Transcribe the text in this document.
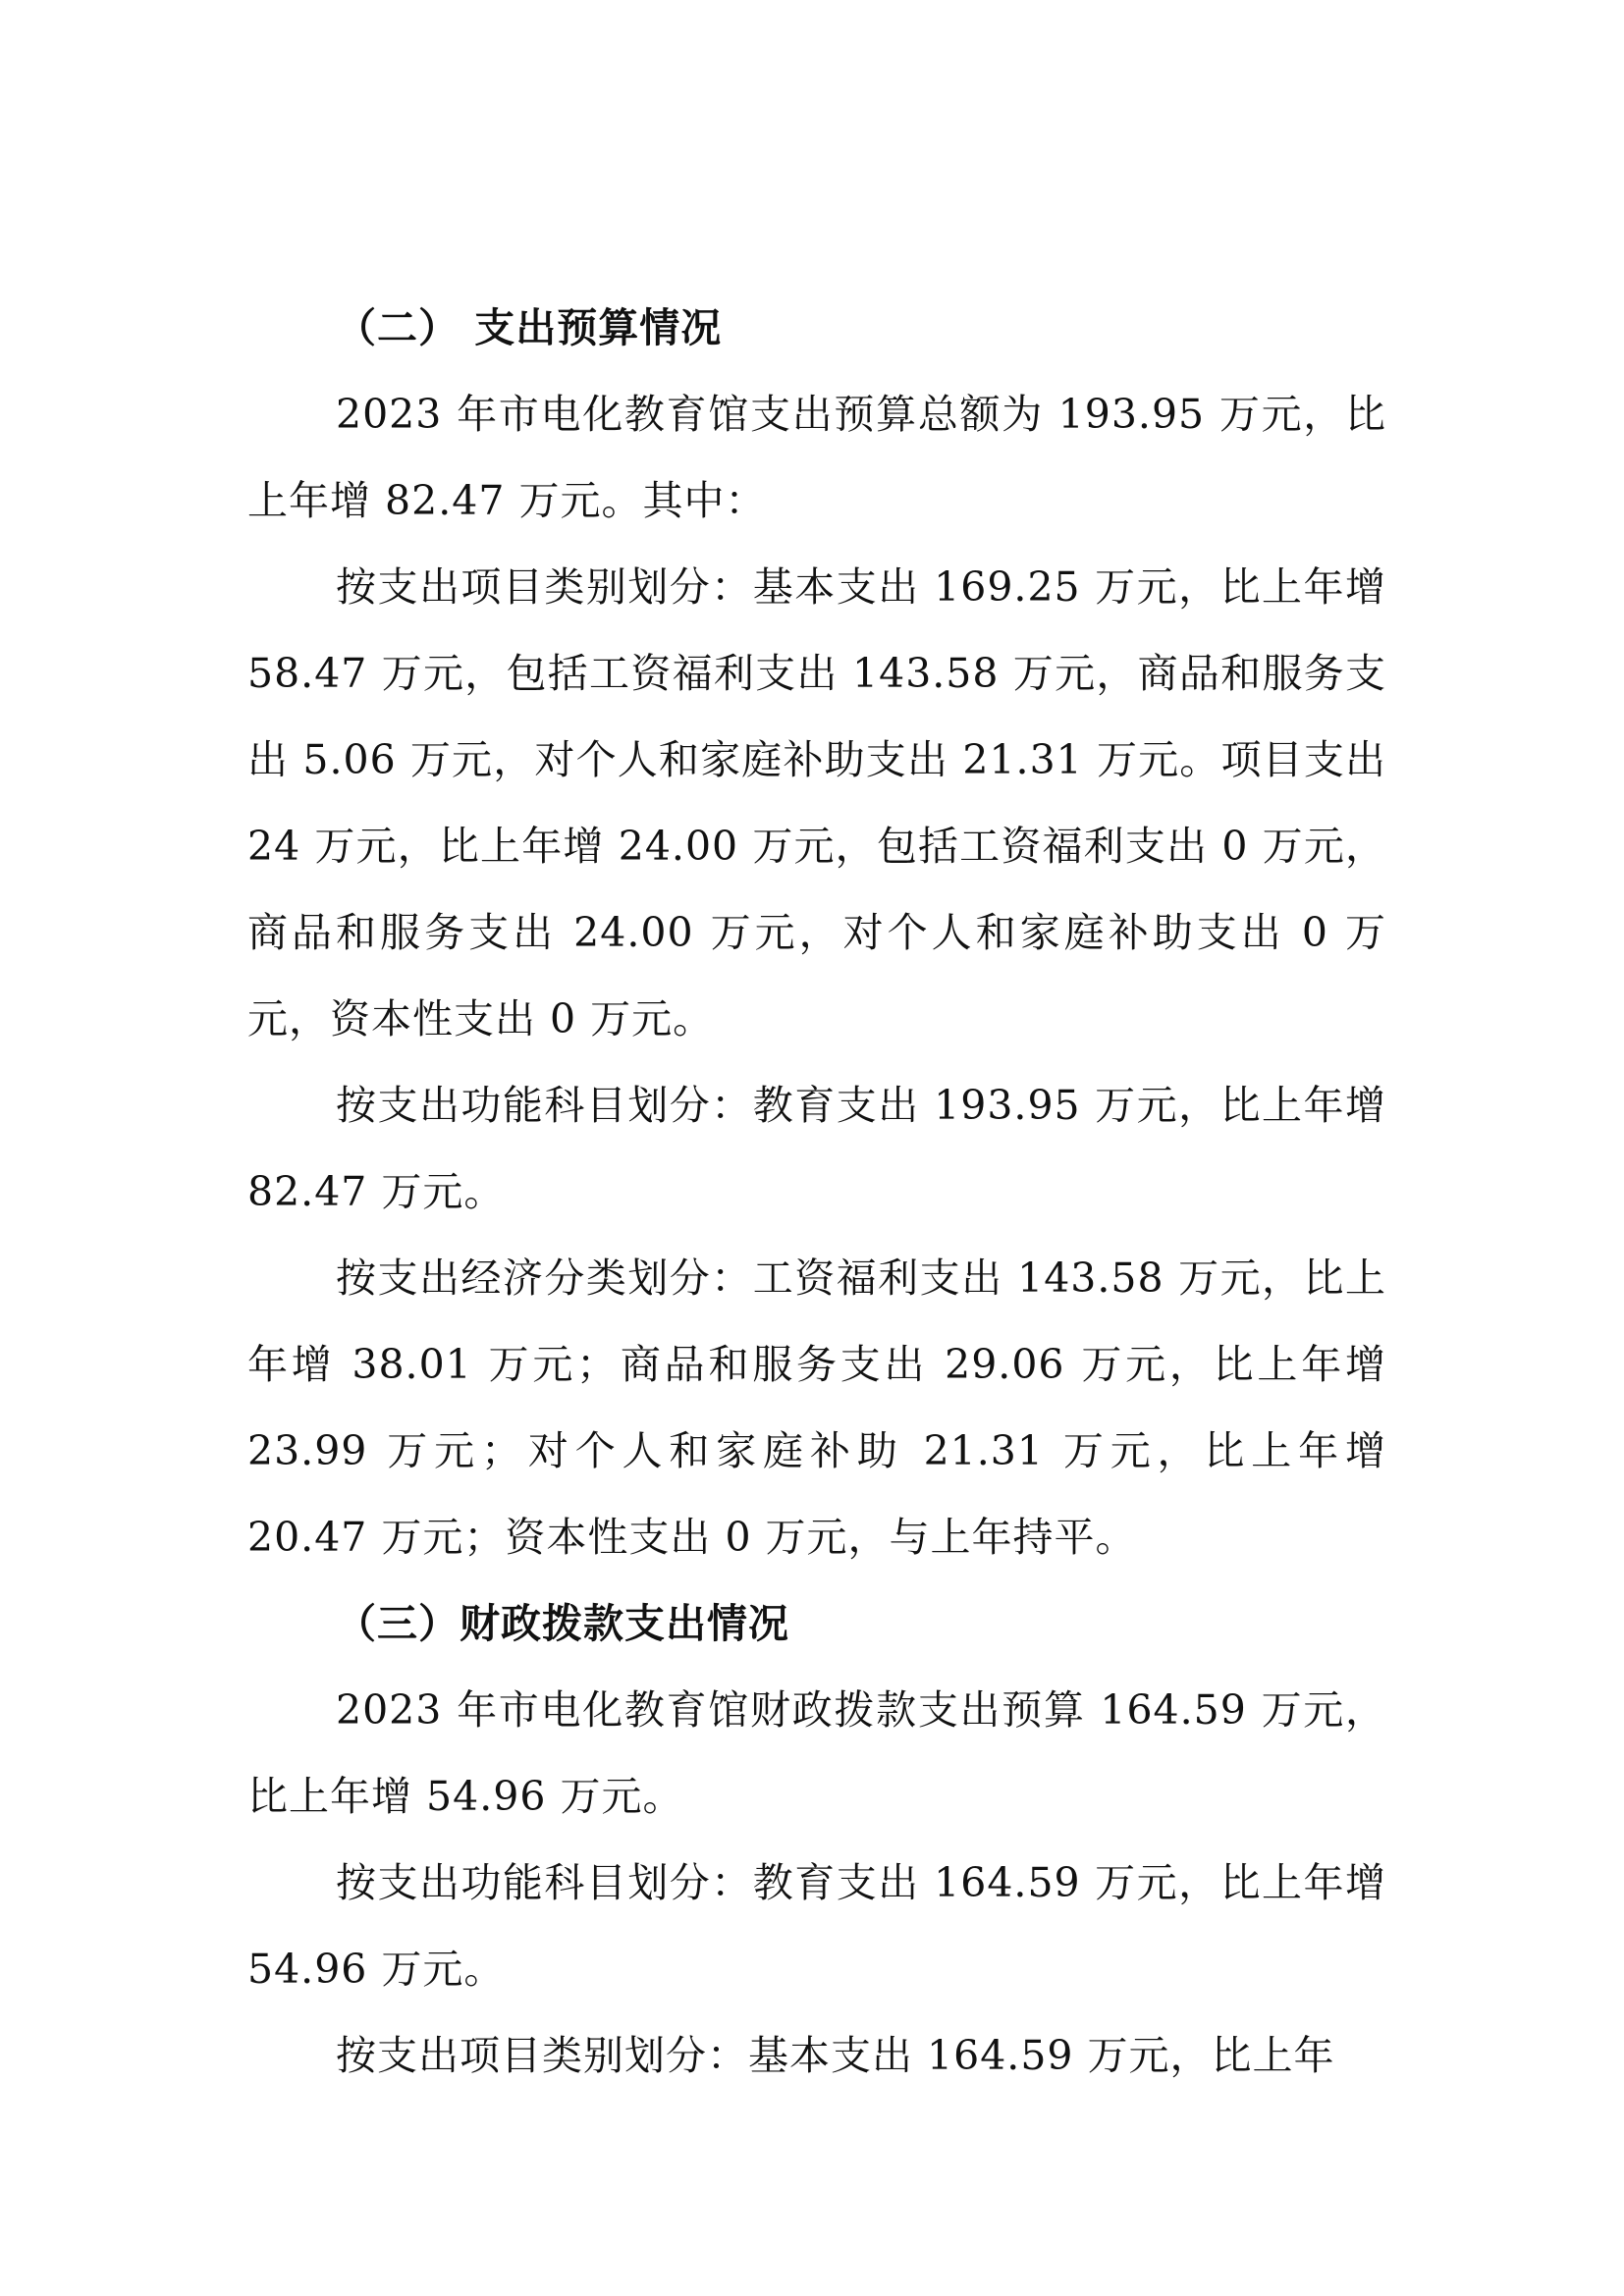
（二） 支出预算情况

2023 年市电化教育馆支出预算总额为 193.95 万元，比上年增 82.47 万元。其中：

按支出项目类别划分：基本支出 169.25 万元，比上年增 58.47 万元，包括工资福利支出 143.58 万元，商品和服务支出 5.06 万元，对个人和家庭补助支出 21.31 万元。项目支出 24 万元，比上年增 24.00 万元，包括工资福利支出 0 万元，商品和服务支出 24.00 万元，对个人和家庭补助支出 0 万元，资本性支出 0 万元。

按支出功能科目划分：教育支出 193.95 万元，比上年增 82.47 万元。

按支出经济分类划分：工资福利支出 143.58 万元，比上年增 38.01 万元；商品和服务支出 29.06 万元，比上年增 23.99 万元；对个人和家庭补助 21.31 万元，比上年增 20.47 万元；资本性支出 0 万元，与上年持平。

（三）财政拨款支出情况

2023 年市电化教育馆财政拨款支出预算 164.59 万元，比上年增 54.96 万元。

按支出功能科目划分：教育支出 164.59 万元，比上年增 54.96 万元。

按支出项目类别划分：基本支出 164.59 万元，比上年
